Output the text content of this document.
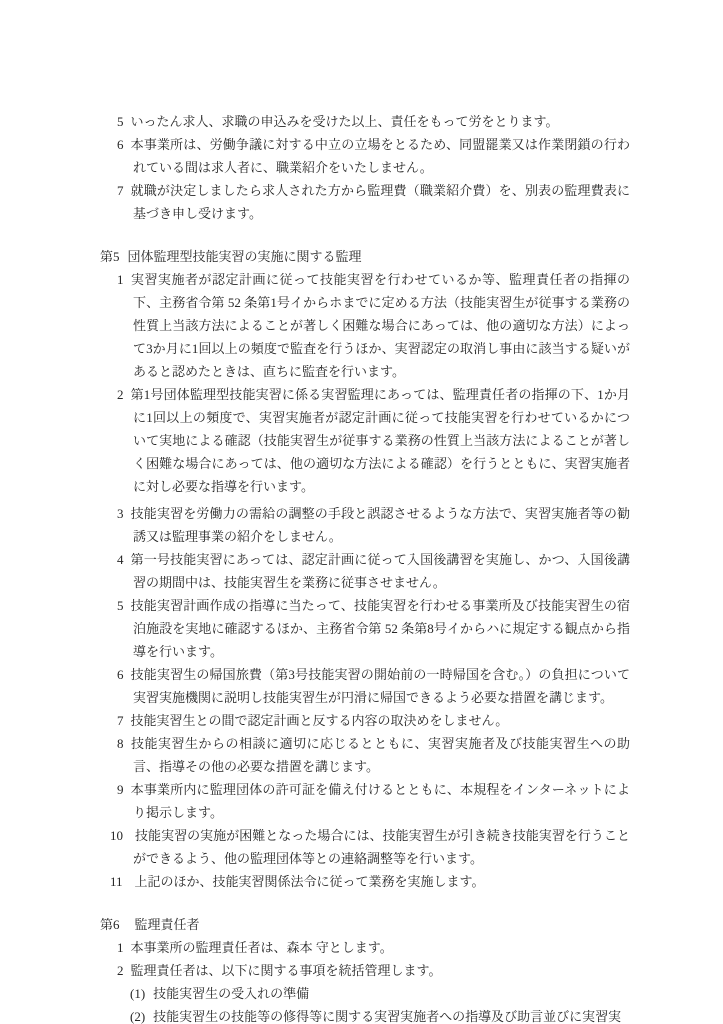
5 いったん求人、求職の申込みを受けた以上、責任をもって労をとります。
6 本事業所は、労働争議に対する中立の立場をとるため、同盟罷業又は作業閉鎖の行われている間は求人者に、職業紹介をいたしません。
7 就職が決定しましたら求人された方から監理費（職業紹介費）を、別表の監理費表に基づき申し受けます。
第5 団体監理型技能実習の実施に関する監理
1 実習実施者が認定計画に従って技能実習を行わせているか等、監理責任者の指揮の下、主務省令第 52 条第1号イからホまでに定める方法（技能実習生が従事する業務の性質上当該方法によることが著しく困難な場合にあっては、他の適切な方法）によって3か月に1回以上の頻度で監査を行うほか、実習認定の取消し事由に該当する疑いがあると認めたときは、直ちに監査を行います。
2 第1号団体監理型技能実習に係る実習監理にあっては、監理責任者の指揮の下、1か月に1回以上の頻度で、実習実施者が認定計画に従って技能実習を行わせているかについて実地による確認（技能実習生が従事する業務の性質上当該方法によることが著しく困難な場合にあっては、他の適切な方法による確認）を行うとともに、実習実施者に対し必要な指導を行います。
3 技能実習を労働力の需給の調整の手段と誤認させるような方法で、実習実施者等の勧誘又は監理事業の紹介をしません。
4 第一号技能実習にあっては、認定計画に従って入国後講習を実施し、かつ、入国後講習の期間中は、技能実習生を業務に従事させません。
5 技能実習計画作成の指導に当たって、技能実習を行わせる事業所及び技能実習生の宿泊施設を実地に確認するほか、主務省令第 52 条第8号イからハに規定する観点から指導を行います。
6 技能実習生の帰国旅費（第3号技能実習の開始前の一時帰国を含む。）の負担について実習実施機関に説明し技能実習生が円滑に帰国できるよう必要な措置を講じます。
7 技能実習生との間で認定計画と反する内容の取決めをしません。
8 技能実習生からの相談に適切に応じるとともに、実習実施者及び技能実習生への助言、指導その他の必要な措置を講じます。
9 本事業所内に監理団体の許可証を備え付けるとともに、本規程をインターネットにより掲示します。
10 技能実習の実施が困難となった場合には、技能実習生が引き続き技能実習を行うことができるよう、他の監理団体等との連絡調整等を行います。
11 上記のほか、技能実習関係法令に従って業務を実施します。
第6 監理責任者
1 本事業所の監理責任者は、森本 守とします。
2 監理責任者は、以下に関する事項を統括管理します。
(1) 技能実習生の受入れの準備
(2) 技能実習生の技能等の修得等に関する実習実施者への指導及び助言並びに実習実
